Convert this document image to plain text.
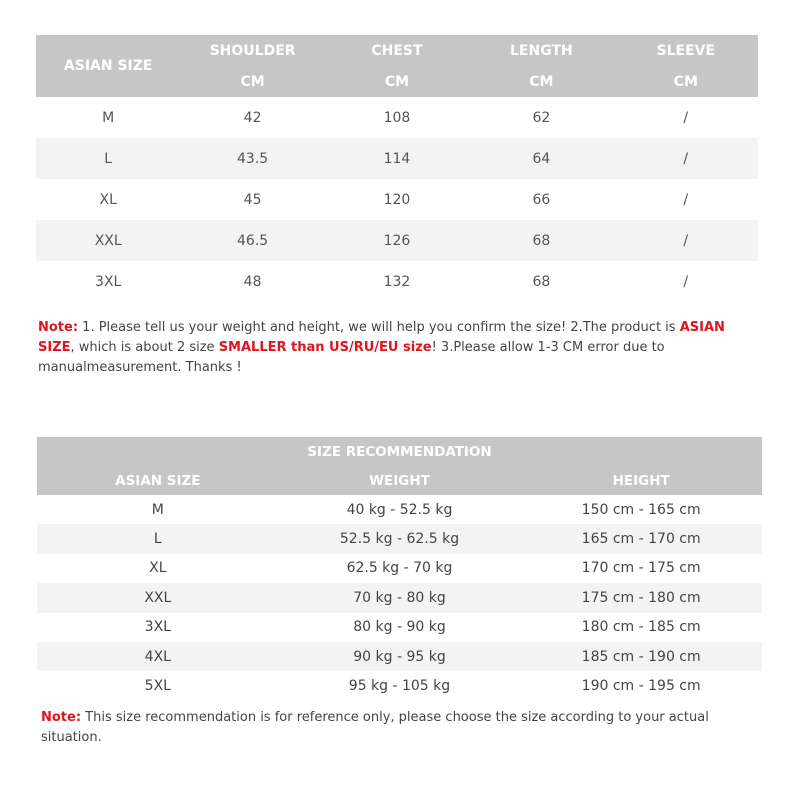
ASIAN SIZE	SHOULDER	CHEST	LENGTH	SLEEVE
	CM	CM	CM	CM
M	42	108	62	/
L	43.5	114	64	/
XL	45	120	66	/
XXL	46.5	126	68	/
3XL	48	132	68	/

Note: 1. Please tell us your weight and height, we will help you confirm the size! 2.The product is ASIAN SIZE, which is about 2 size SMALLER than US/RU/EU size! 3.Please allow 1-3 CM error due to manualmeasurement. Thanks !

SIZE RECOMMENDATION		
ASIAN SIZE	WEIGHT	HEIGHT
M	40 kg - 52.5 kg	150 cm - 165 cm
L	52.5 kg - 62.5 kg	165 cm - 170 cm
XL	62.5 kg - 70 kg	170 cm - 175 cm
XXL	70 kg - 80 kg	175 cm - 180 cm
3XL	80 kg - 90 kg	180 cm - 185 cm
4XL	90 kg - 95 kg	185 cm - 190 cm
5XL	95 kg - 105 kg	190 cm - 195 cm

Note: This size recommendation is for reference only, please choose the size according to your actual situation.
